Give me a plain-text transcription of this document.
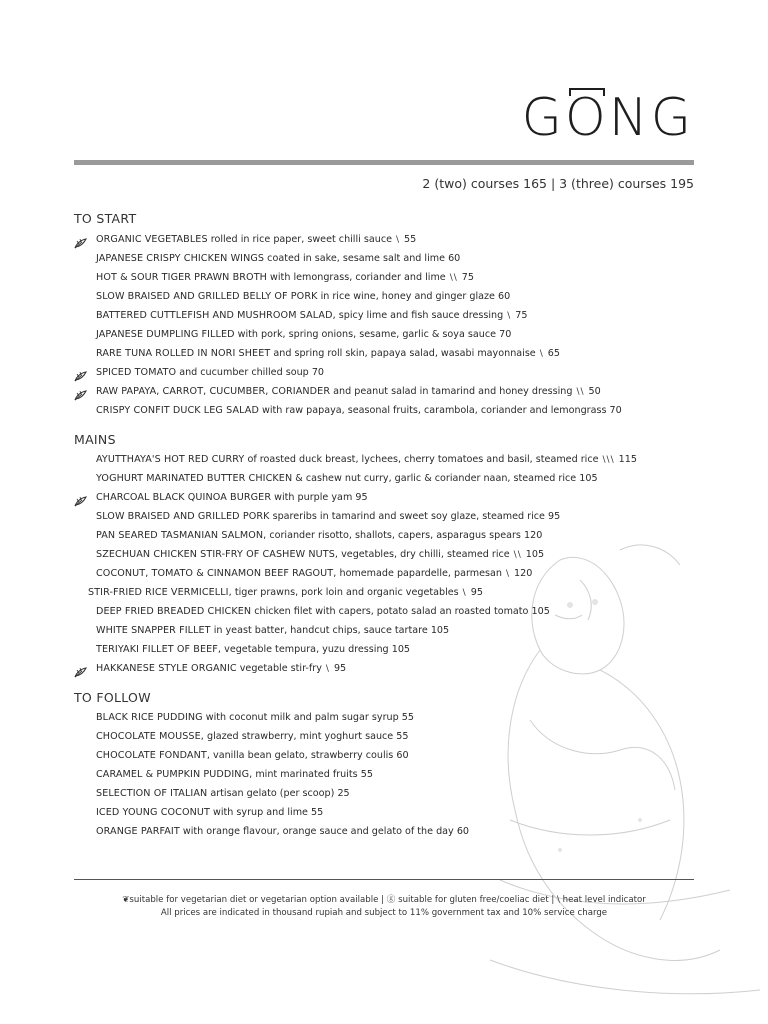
GONG
2 (two) courses 165 | 3 (three) courses 195
TO START
ORGANIC VEGETABLES rolled in rice paper, sweet chilli sauce \ 55
JAPANESE CRISPY CHICKEN WINGS coated in sake, sesame salt and lime 60
HOT & SOUR TIGER PRAWN BROTH with lemongrass, coriander and lime \\ 75
SLOW BRAISED AND GRILLED BELLY OF PORK in rice wine, honey and ginger glaze 60
BATTERED CUTTLEFISH AND MUSHROOM SALAD, spicy lime and fish sauce dressing \ 75
JAPANESE DUMPLING FILLED with pork, spring onions, sesame, garlic & soya sauce 70
RARE TUNA ROLLED IN NORI SHEET and spring roll skin, papaya salad, wasabi mayonnaise \ 65
SPICED TOMATO and cucumber chilled soup 70
RAW PAPAYA, CARROT, CUCUMBER, CORIANDER and peanut salad in tamarind and honey dressing \\ 50
CRISPY CONFIT DUCK LEG SALAD with raw papaya, seasonal fruits, carambola, coriander and lemongrass 70
MAINS
AYUTTHAYA'S HOT RED CURRY of roasted duck breast, lychees, cherry tomatoes and basil, steamed rice \\\ 115
YOGHURT MARINATED BUTTER CHICKEN & cashew nut curry, garlic & coriander naan, steamed rice 105
CHARCOAL BLACK QUINOA BURGER with purple yam 95
SLOW BRAISED AND GRILLED PORK spareribs in tamarind and sweet soy glaze, steamed rice 95
PAN SEARED TASMANIAN SALMON, coriander risotto, shallots, capers, asparagus spears 120
SZECHUAN CHICKEN STIR-FRY OF CASHEW NUTS, vegetables, dry chilli, steamed rice \\ 105
COCONUT, TOMATO & CINNAMON BEEF RAGOUT, homemade papardelle, parmesan \ 120
STIR-FRIED RICE VERMICELLI, tiger prawns, pork loin and organic vegetables \ 95
DEEP FRIED BREADED CHICKEN chicken filet with capers, potato salad an roasted tomato 105
WHITE SNAPPER FILLET in yeast batter, handcut chips, sauce tartare 105
TERIYAKI FILLET OF BEEF, vegetable tempura, yuzu dressing 105
HAKKANESE STYLE ORGANIC vegetable stir-fry \ 95
TO FOLLOW
BLACK RICE PUDDING with coconut milk and palm sugar syrup 55
CHOCOLATE MOUSSE, glazed strawberry, mint yoghurt sauce 55
CHOCOLATE FONDANT, vanilla bean gelato, strawberry coulis 60
CARAMEL & PUMPKIN PUDDING, mint marinated fruits 55
SELECTION OF ITALIAN artisan gelato (per scoop) 25
ICED YOUNG COCONUT with syrup and lime 55
ORANGE PARFAIT with orange flavour, orange sauce and gelato of the day 60
❦suitable for vegetarian diet or vegetarian option available | ⓖ suitable for gluten free/coeliac diet | \ heat level indicator
All prices are indicated in thousand rupiah and subject to 11% government tax and 10% service charge
